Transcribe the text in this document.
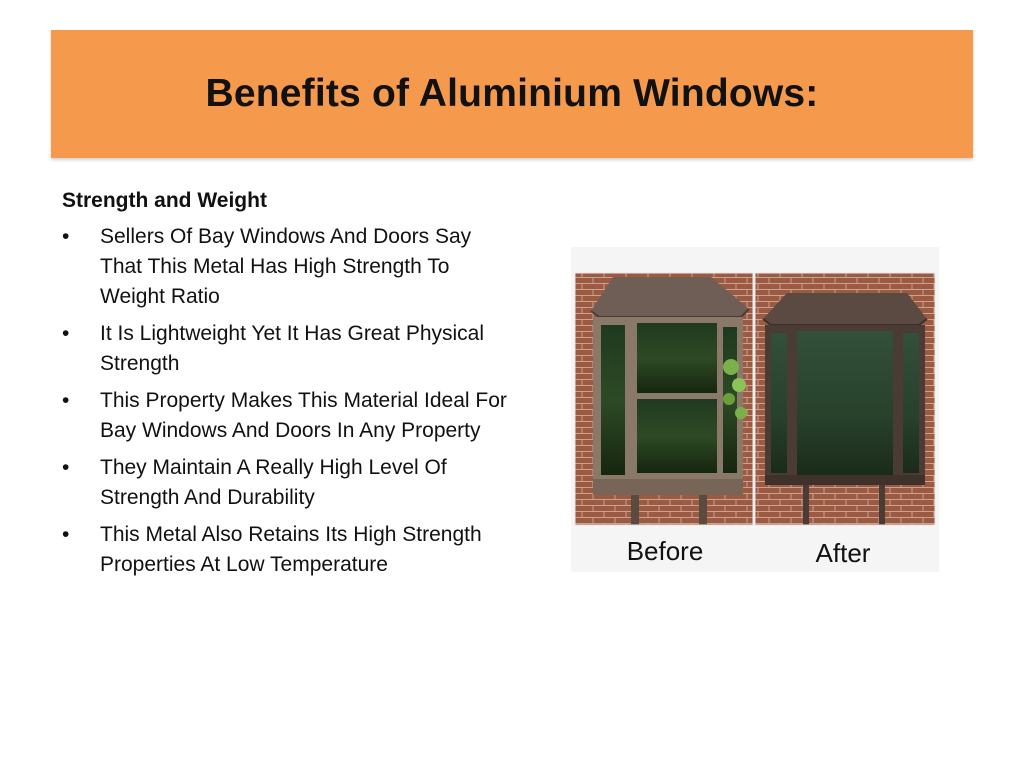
Benefits of Aluminium Windows:
Strength and Weight
• Sellers Of Bay Windows And Doors Say That This Metal Has High Strength To Weight Ratio
• It Is Lightweight Yet It Has Great Physical Strength
• This Property Makes This Material Ideal For Bay Windows And Doors In Any Property
• They Maintain A Really High Level Of Strength And Durability
• This Metal Also Retains Its High Strength Properties At Low Temperature	Before	After
